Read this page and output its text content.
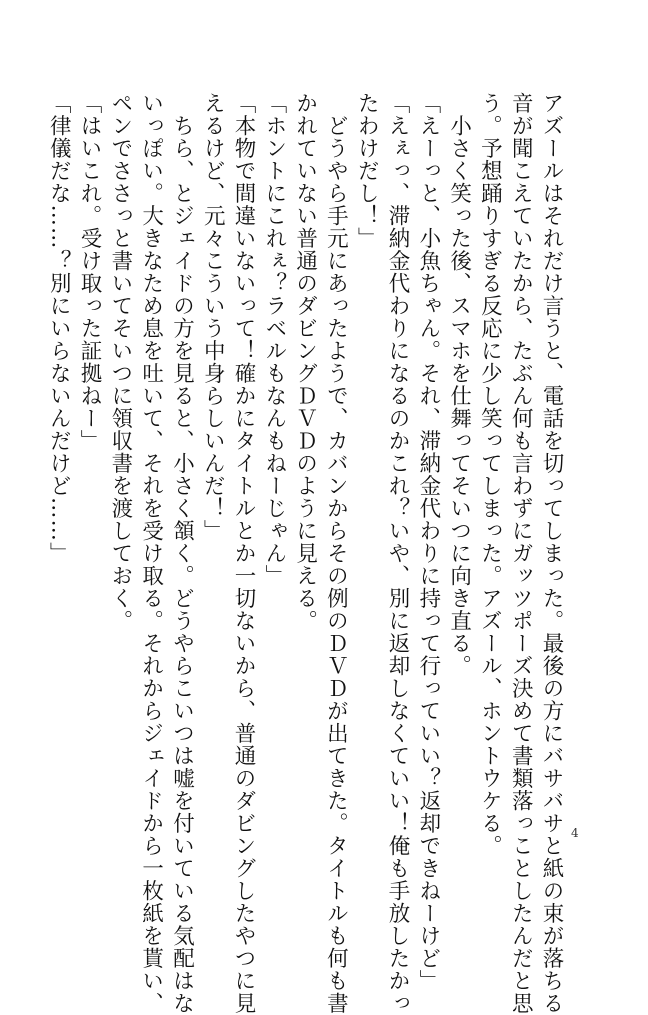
アズールはそれだけ言うと、電話を切ってしまった。最後の方にバサバサと紙の束が落ちる
音が聞こえていたから、たぶん何も言わずにガッツポーズ決めて書類落っことしたんだと思
う。予想踊りすぎる反応に少し笑ってしまった。アズール、ホントウケる。
　小さく笑った後、スマホを仕舞ってそいつに向き直る。
「えーっと、小魚ちゃん。それ、滞納金代わりに持って行っていい？返却できねーけど」
「えぇっ、滞納金代わりになるのかこれ？いや、別に返却しなくていい！俺も手放したかっ
たわけだし！」
　どうやら手元にあったようで、カバンからその例のＤＶＤが出てきた。タイトルも何も書
かれていない普通のダビングＤＶＤのように見える。
「ホントにこれぇ？ラベルもなんもねーじゃん」
「本物で間違いないって！確かにタイトルとか一切ないから、普通のダビングしたやつに見
えるけど、元々こういう中身らしいんだ！」
　ちら、とジェイドの方を見ると、小さく頷く。どうやらこいつは嘘を付いている気配はな
いっぽい。大きなため息を吐いて、それを受け取る。それからジェイドから一枚紙を貰い、
ペンでささっと書いてそいつに領収書を渡しておく。
「はいこれ。受け取った証拠ねー」
「律儀だな……？別にいらないんだけど……」
4
